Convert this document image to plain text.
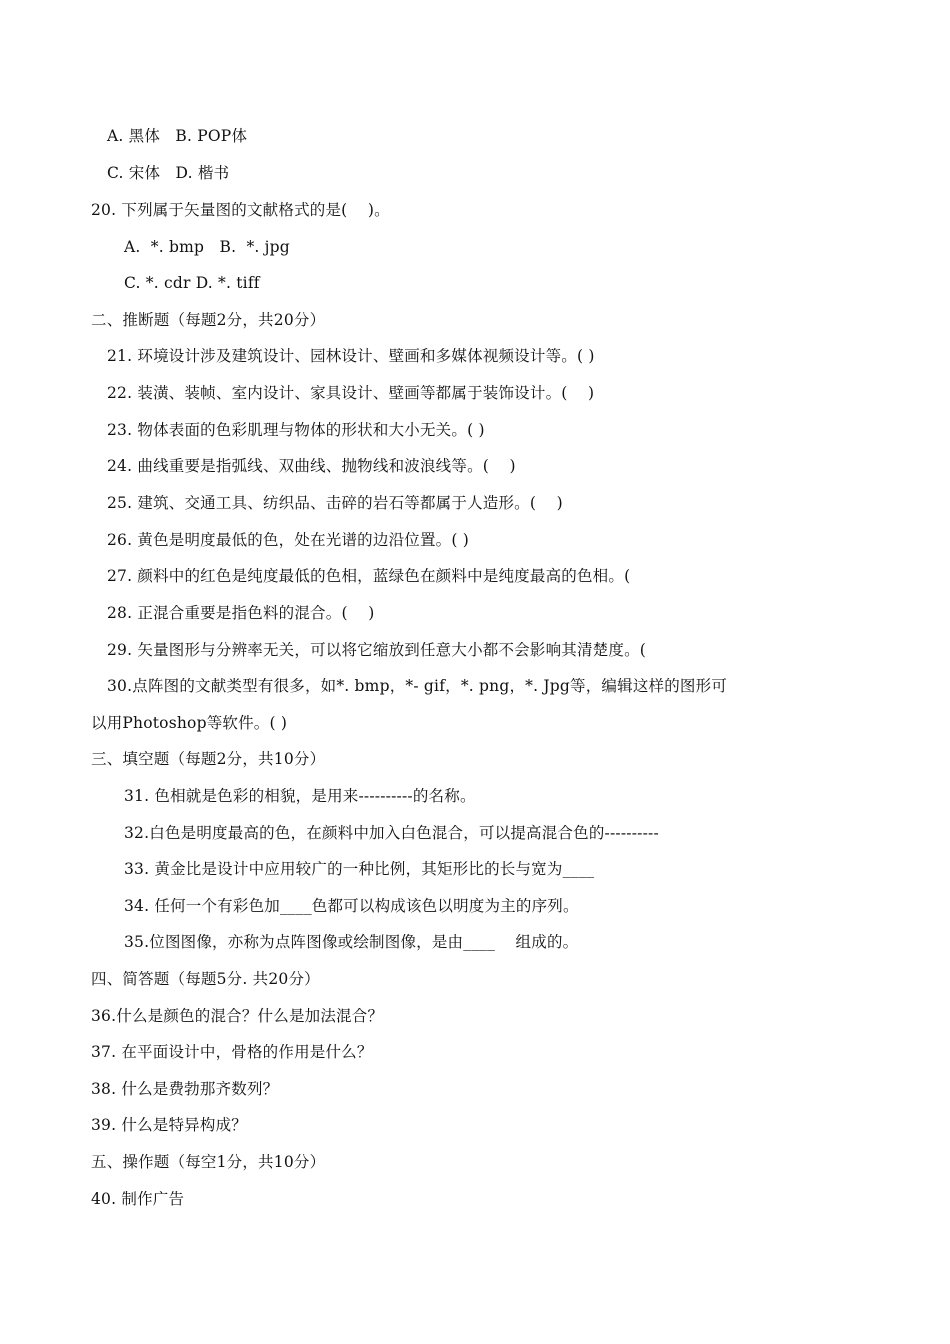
A. 黑体   B. POP体
C. 宋体   D. 楷书
20. 下列属于矢量图的文献格式的是(    )。
A.  *. bmp   B.  *. jpg
C. *. cdr D. *. tiff
二、推断题（每题2分，共20分）
21. 环境设计涉及建筑设计、园林设计、壁画和多媒体视频设计等。( )
22. 装潢、装帧、室内设计、家具设计、壁画等都属于装饰设计。(    )
23. 物体表面的色彩肌理与物体的形状和大小无关。( )
24. 曲线重要是指弧线、双曲线、抛物线和波浪线等。(    )
25. 建筑、交通工具、纺织品、击碎的岩石等都属于人造形。(    )
26. 黄色是明度最低的色，处在光谱的边沿位置。( )
27. 颜料中的红色是纯度最低的色相，蓝绿色在颜料中是纯度最高的色相。(
28. 正混合重要是指色料的混合。(    )
29. 矢量图形与分辨率无关，可以将它缩放到任意大小都不会影响其清楚度。(
30.点阵图的文献类型有很多，如*. bmp，*- gif，*. png，*. Jpg等，编辑这样的图形可
以用Photoshop等软件。( )
三、填空题（每题2分，共10分）
31. 色相就是色彩的相貌，是用来----------的名称。
32.白色是明度最高的色，在颜料中加入白色混合，可以提高混合色的----------
33. 黄金比是设计中应用较广的一种比例，其矩形比的长与宽为____
34. 任何一个有彩色加____色都可以构成该色以明度为主的序列。
35.位图图像，亦称为点阵图像或绘制图像，是由____    组成的。
四、简答题（每题5分. 共20分）
36.什么是颜色的混合？什么是加法混合？
37. 在平面设计中，骨格的作用是什么？
38. 什么是费勃那齐数列？
39. 什么是特异构成？
五、操作题（每空1分，共10分）
40. 制作广告
